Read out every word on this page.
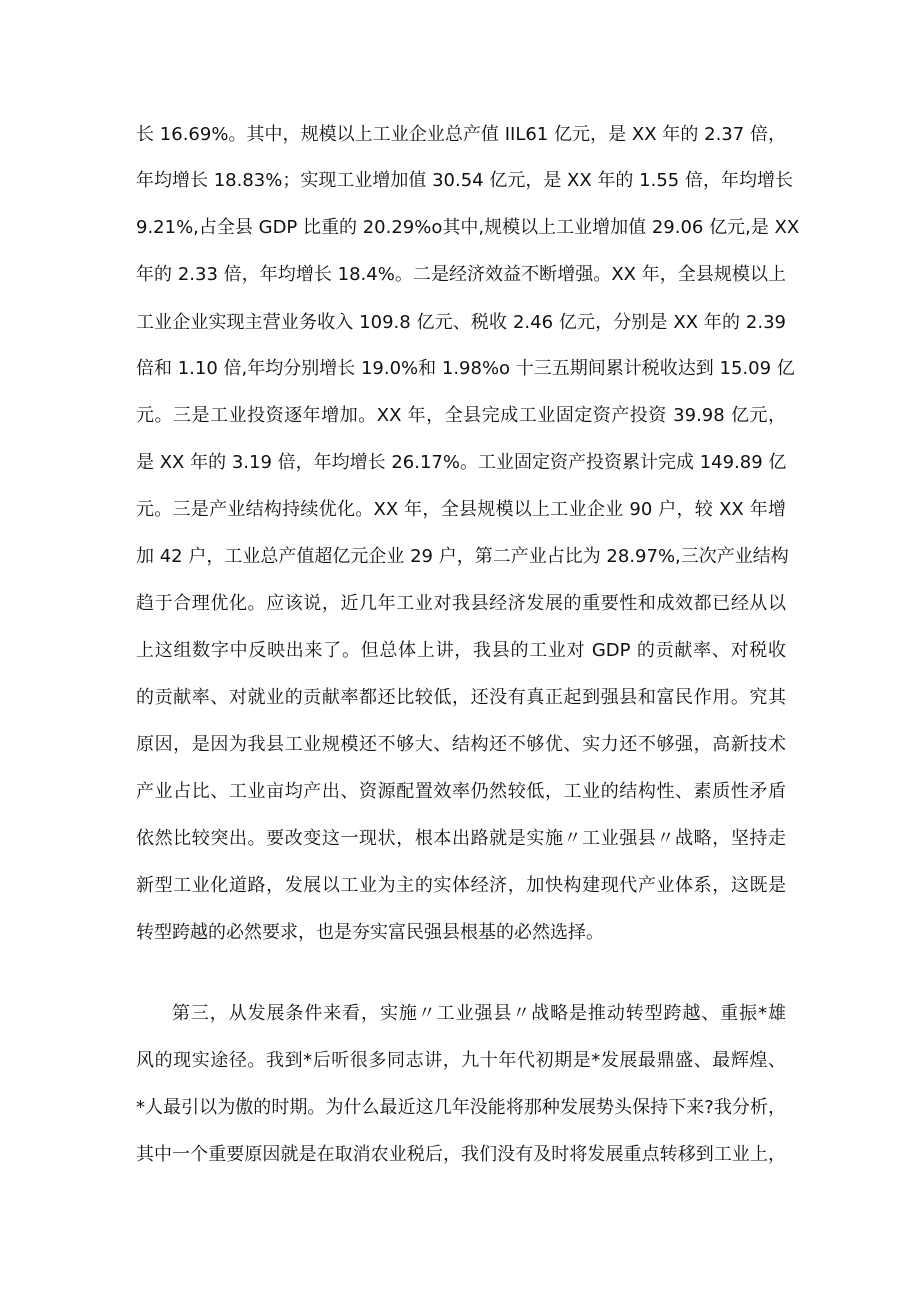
长 16.69%。其中，规模以上工业企业总产值 IIL61 亿元，是 XX 年的 2.37 倍，
年均增长 18.83%；实现工业增加值 30.54 亿元，是 XX 年的 1.55 倍，年均增长
9.21%,占全县 GDP 比重的 20.29%o其中,规模以上工业增加值 29.06 亿元,是 XX
年的 2.33 倍，年均增长 18.4%。二是经济效益不断增强。XX 年，全县规模以上
工业企业实现主营业务收入 109.8 亿元、税收 2.46 亿元，分别是 XX 年的 2.39
倍和 1.10 倍,年均分别增长 19.0%和 1.98%o 十三五期间累计税收达到 15.09 亿
元。三是工业投资逐年增加。XX 年，全县完成工业固定资产投资 39.98 亿元，
是 XX 年的 3.19 倍，年均增长 26.17%。工业固定资产投资累计完成 149.89 亿
元。三是产业结构持续优化。XX 年，全县规模以上工业企业 90 户，较 XX 年增
加 42 户，工业总产值超亿元企业 29 户，第二产业占比为 28.97%,三次产业结构
趋于合理优化。应该说，近几年工业对我县经济发展的重要性和成效都已经从以
上这组数字中反映出来了。但总体上讲，我县的工业对 GDP 的贡献率、对税收
的贡献率、对就业的贡献率都还比较低，还没有真正起到强县和富民作用。究其
原因，是因为我县工业规模还不够大、结构还不够优、实力还不够强，高新技术
产业占比、工业亩均产出、资源配置效率仍然较低，工业的结构性、素质性矛盾
依然比较突出。要改变这一现状，根本出路就是实施〃工业强县〃战略，坚持走
新型工业化道路，发展以工业为主的实体经济，加快构建现代产业体系，这既是
转型跨越的必然要求，也是夯实富民强县根基的必然选择。
第三，从发展条件来看，实施〃工业强县〃战略是推动转型跨越、重振*雄
风的现实途径。我到*后听很多同志讲，九十年代初期是*发展最鼎盛、最辉煌、
*人最引以为傲的时期。为什么最近这几年没能将那种发展势头保持下来?我分析，
其中一个重要原因就是在取消农业税后，我们没有及时将发展重点转移到工业上，
